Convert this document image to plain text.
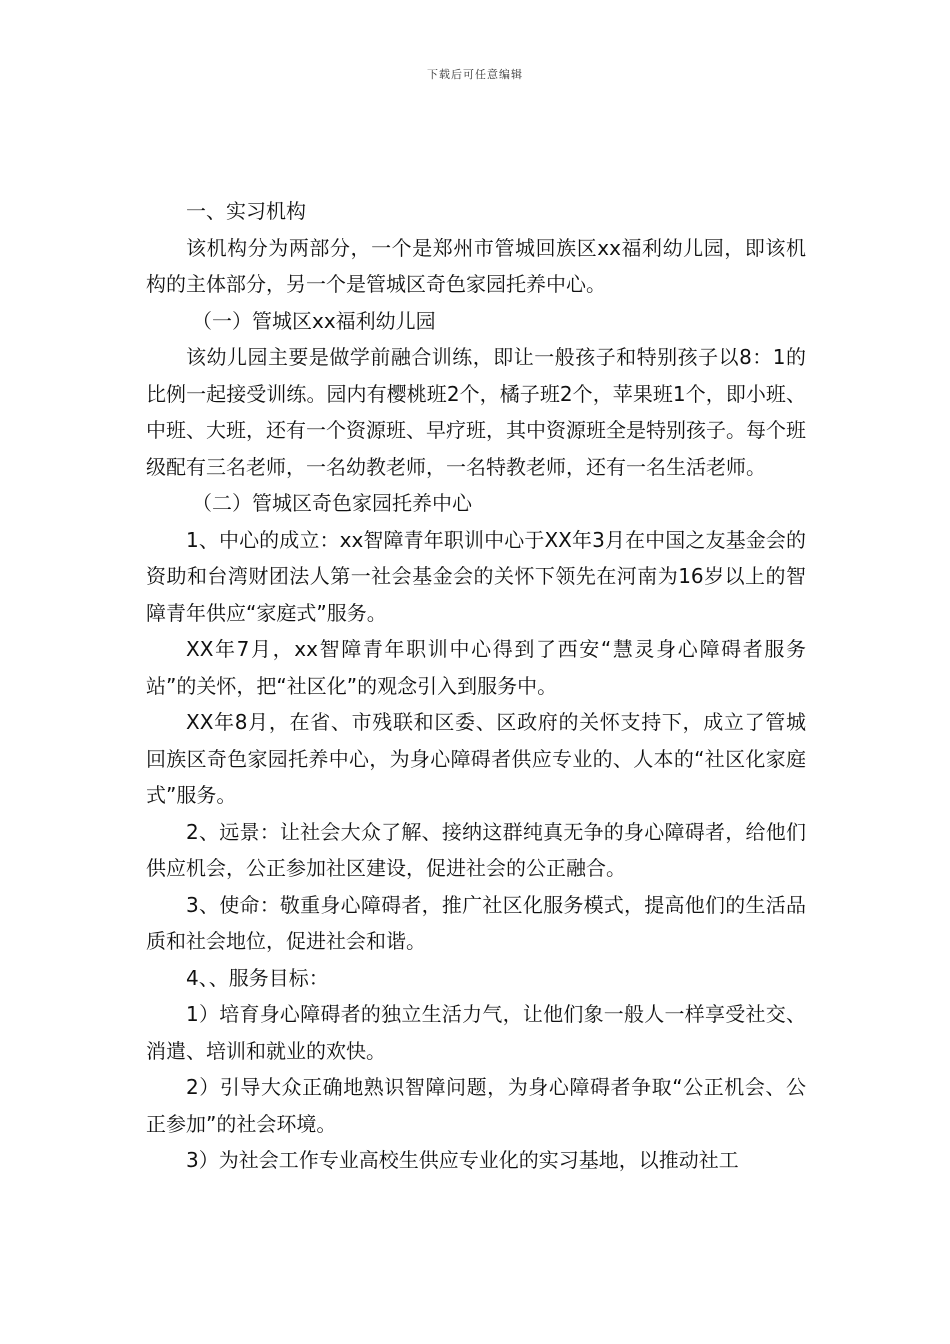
下载后可任意编辑

一、实习机构

该机构分为两部分，一个是郑州市管城回族区xx福利幼儿园，即该机构的主体部分，另一个是管城区奇色家园托养中心。

（一）管城区xx福利幼儿园

该幼儿园主要是做学前融合训练，即让一般孩子和特别孩子以8：1的比例一起接受训练。园内有樱桃班2个，橘子班2个，苹果班1个，即小班、中班、大班，还有一个资源班、早疗班，其中资源班全是特别孩子。每个班级配有三名老师，一名幼教老师，一名特教老师，还有一名生活老师。

（二）管城区奇色家园托养中心

1、中心的成立：xx智障青年职训中心于XX年3月在中国之友基金会的资助和台湾财团法人第一社会基金会的关怀下领先在河南为16岁以上的智障青年供应“家庭式”服务。

XX年7月，xx智障青年职训中心得到了西安“慧灵身心障碍者服务站”的关怀，把“社区化”的观念引入到服务中。

XX年8月，在省、市残联和区委、区政府的关怀支持下，成立了管城回族区奇色家园托养中心，为身心障碍者供应专业的、人本的“社区化家庭式”服务。

2、远景：让社会大众了解、接纳这群纯真无争的身心障碍者，给他们供应机会，公正参加社区建设，促进社会的公正融合。

3、使命：敬重身心障碍者，推广社区化服务模式，提高他们的生活品质和社会地位，促进社会和谐。

4、、服务目标：

1）培育身心障碍者的独立生活力气，让他们象一般人一样享受社交、消遣、培训和就业的欢快。

2）引导大众正确地熟识智障问题，为身心障碍者争取“公正机会、公正参加”的社会环境。

3）为社会工作专业高校生供应专业化的实习基地，以推动社工
